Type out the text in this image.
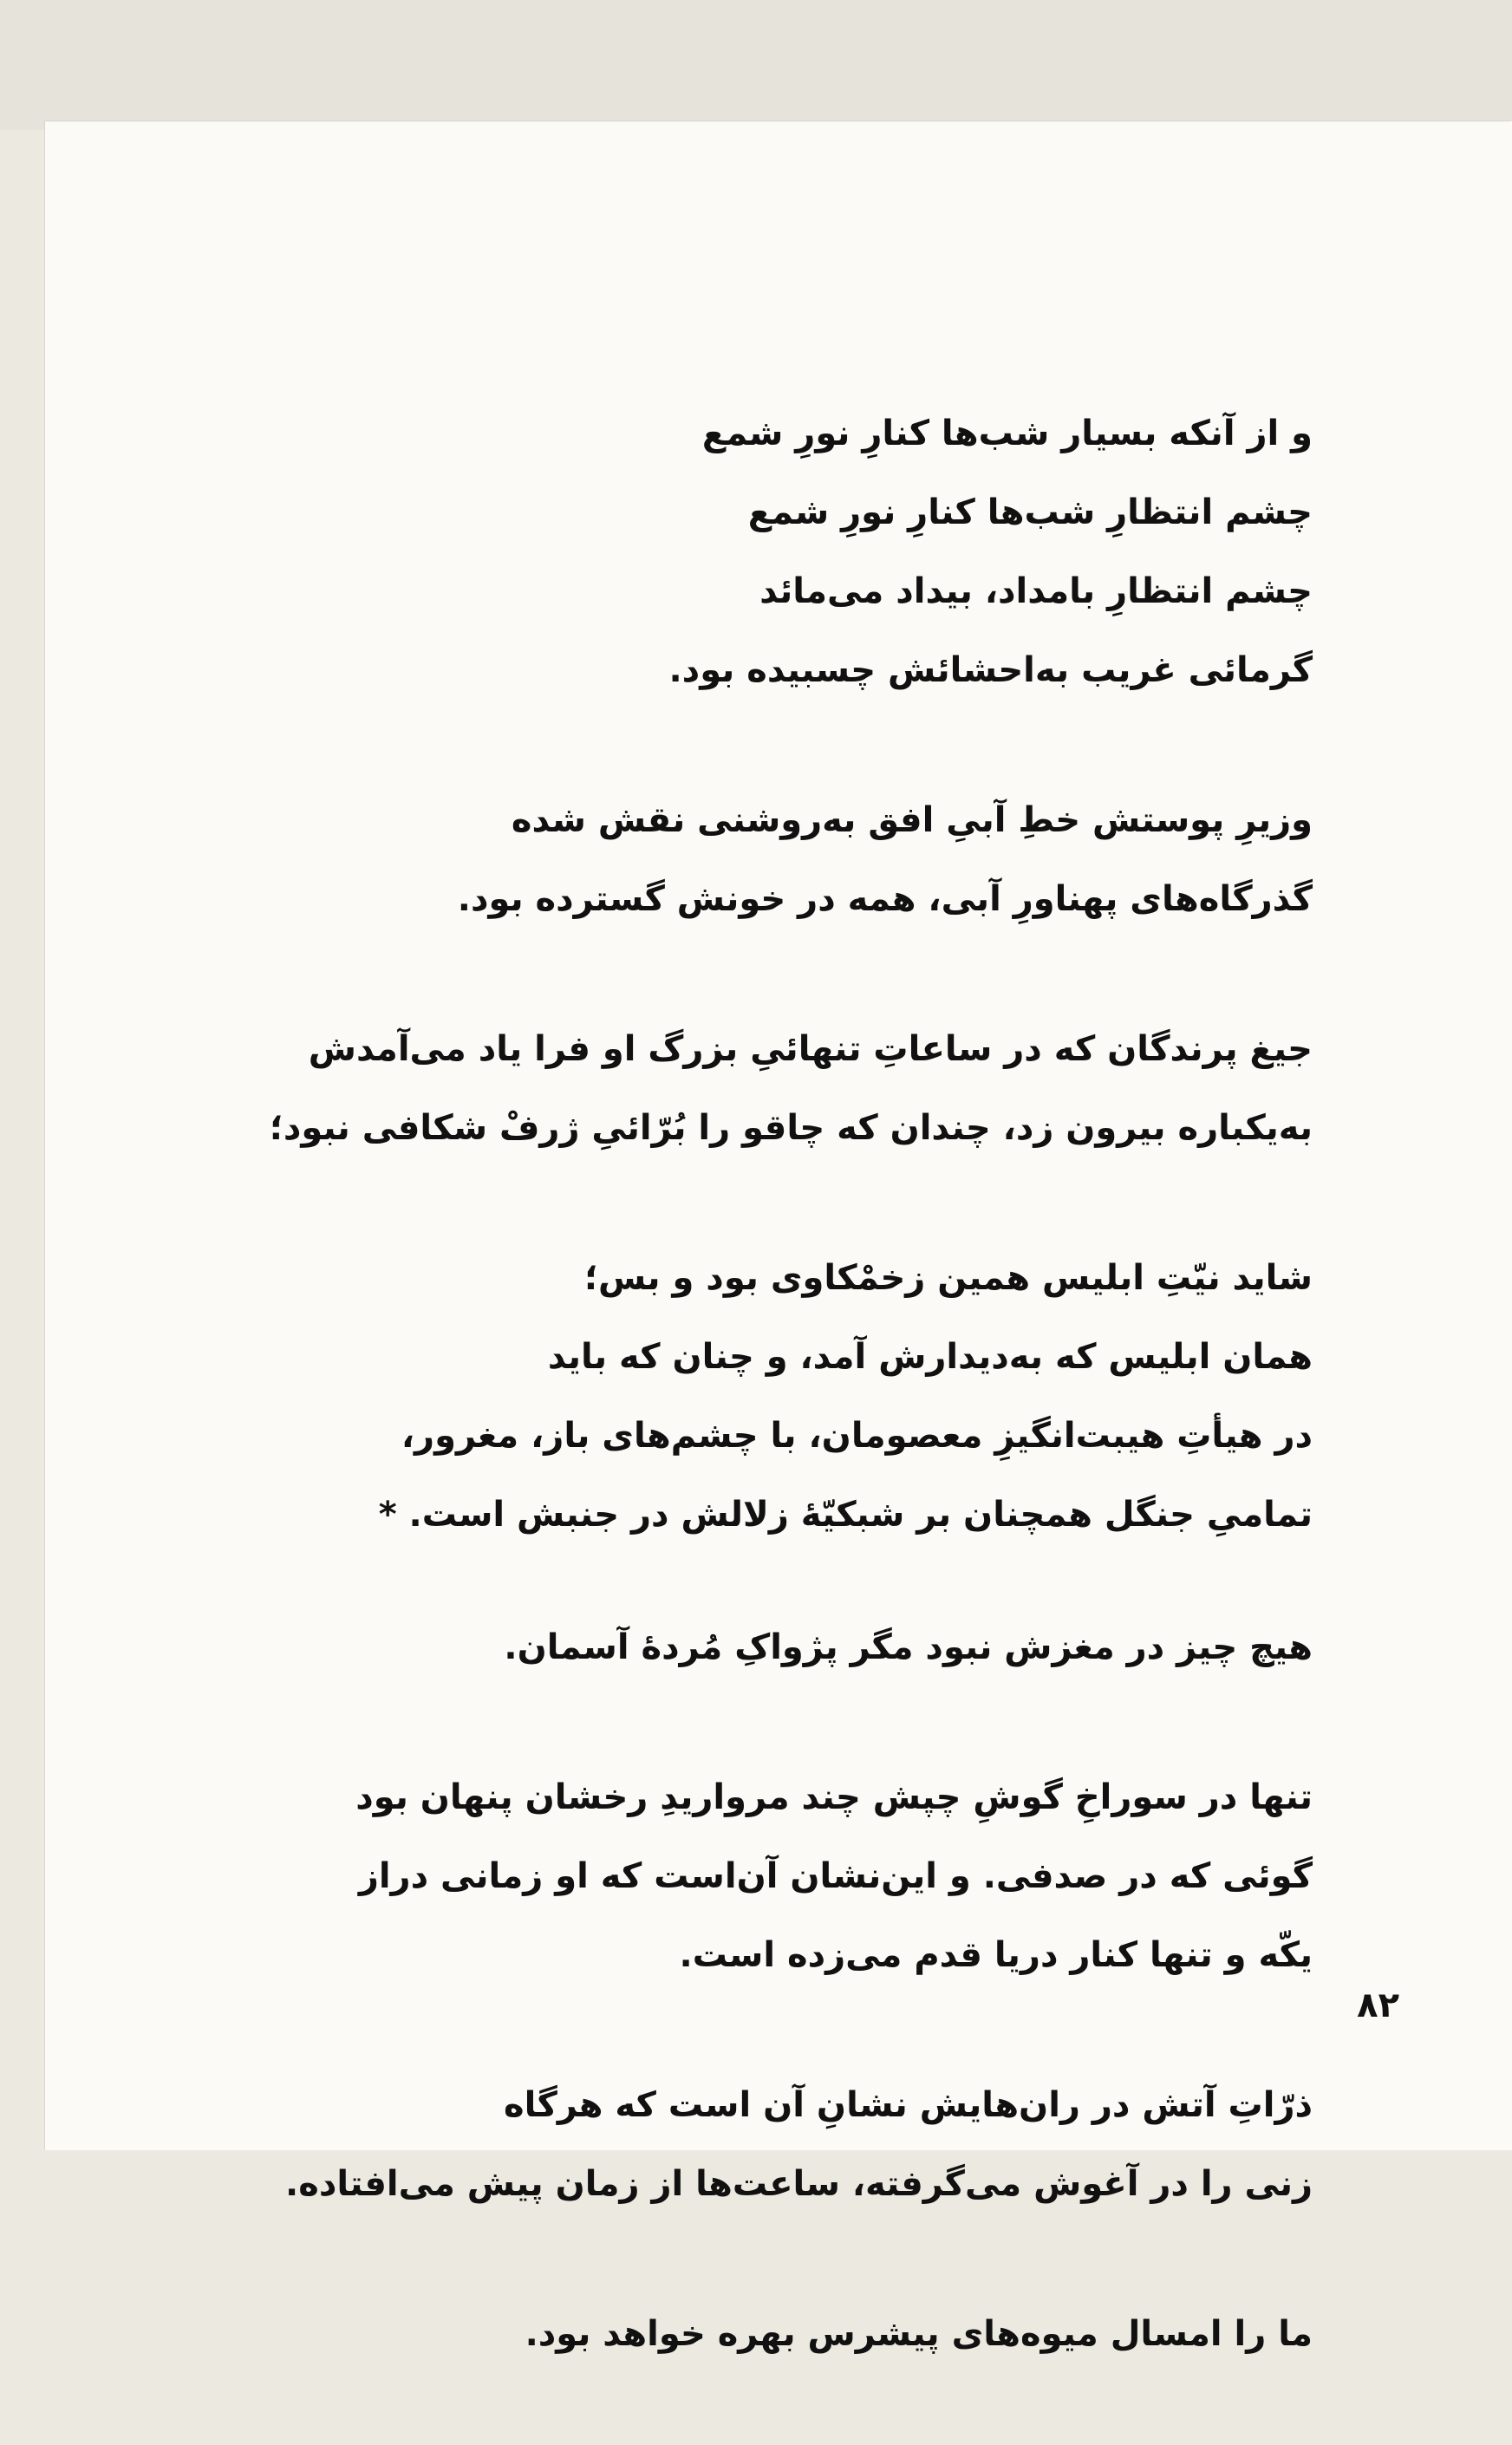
و از آنکه بسیار شب‌ها کنارِ نورِ شمع
چشم انتظارِ شب‌ها کنارِ نورِ شمع
چشم انتظارِ بامداد، بیداد می‌مائد
گرمائی غریب به‌احشائش چسبیده بود.
وزیرِ پوستش خطِ آبیِ افق به‌روشنی نقش شده
گذرگاه‌های پهناورِ آبی، همه در خونش گسترده بود.
جیغ پرندگان که در ساعاتِ تنهائیِ بزرگ او فرا یاد می‌آمدش
به‌یکباره بیرون زد، چندان که چاقو را بُرّائیِ ژرفْ شکافی نبود؛
شاید نیّتِ ابلیس همین زخمْکاوی بود و بس؛
همان ابلیس که به‌دیدارش آمد، و چنان که باید
در هیأتِ هیبت‌انگیزِ معصومان، با چشم‌های باز، مغرور،
تمامیِ جنگل همچنان بر شبکیّهٔ زلالش در جنبش است. *
هیچ چیز در مغزش نبود مگر پژواکِ مُردهٔ آسمان.
تنها در سوراخِ گوشِ چپش چند مرواریدِ رخشان پنهان بود
گوئی که در صدفی. و این‌نشان آن‌است که او زمانی دراز
یکّه و تنها کنار دریا قدم می‌زده است.
ذرّاتِ آتش در ران‌هایش نشانِ آن است که هرگاه
زنی را در آغوش می‌گرفته، ساعت‌ها از زمان پیش می‌افتاده.
ما را امسال میوه‌های پیشرس بهره خواهد بود.
۸۲
